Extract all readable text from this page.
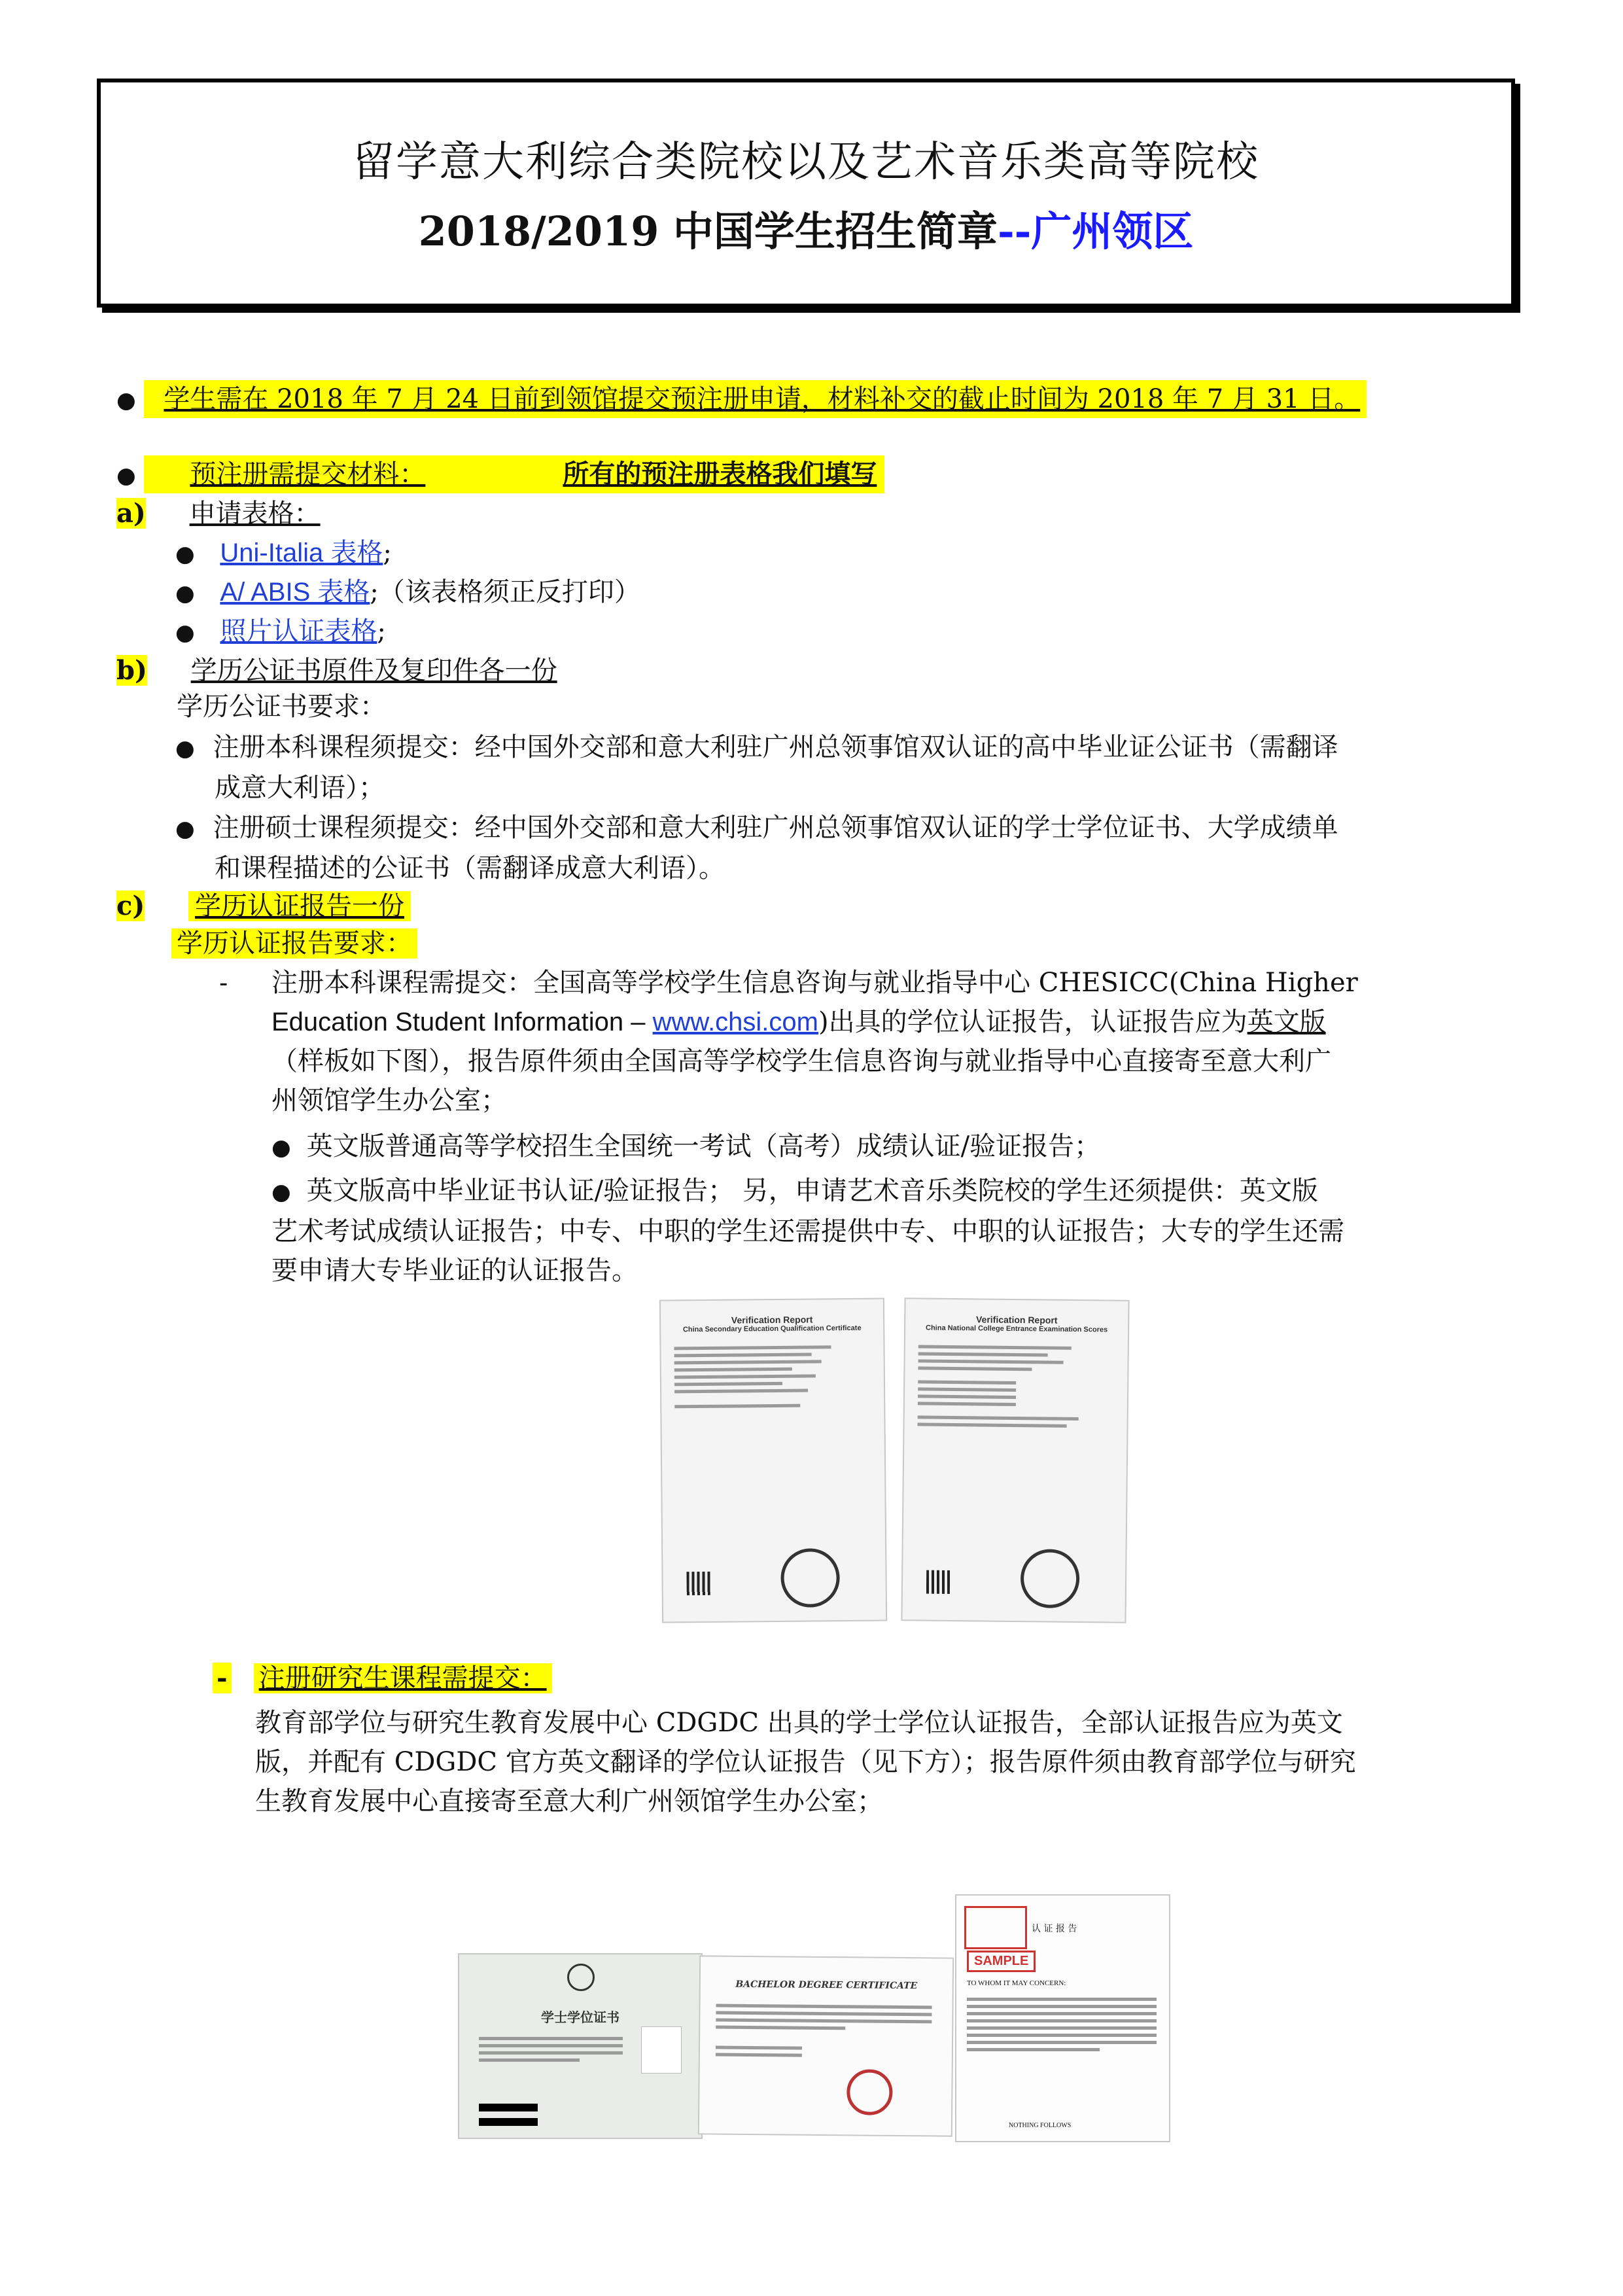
留学意大利综合类院校以及艺术音乐类高等院校
2018/2019 中国学生招生简章--广州领区
● 学生需在 2018 年 7 月 24 日前到领馆提交预注册申请，材料补交的截止时间为 2018 年 7 月 31 日。
● 预注册需提交材料：	所有的预注册表格我们填写
a) 申请表格：
● Uni-Italia 表格;
● A/ ABIS 表格;（该表格须正反打印）
● 照片认证表格;
b) 学历公证书原件及复印件各一份
学历公证书要求：
● 注册本科课程须提交：经中国外交部和意大利驻广州总领事馆双认证的高中毕业证公证书（需翻译
成意大利语）；
● 注册硕士课程须提交：经中国外交部和意大利驻广州总领事馆双认证的学士学位证书、大学成绩单
和课程描述的公证书（需翻译成意大利语）。
c) 学历认证报告一份
学历认证报告要求：
- 注册本科课程需提交：全国高等学校学生信息咨询与就业指导中心 CHESICC(China Higher
Education Student Information – www.chsi.com)出具的学位认证报告，认证报告应为英文版
（样板如下图），报告原件须由全国高等学校学生信息咨询与就业指导中心直接寄至意大利广
州领馆学生办公室；
● 英文版普通高等学校招生全国统一考试（高考）成绩认证/验证报告；
● 英文版高中毕业证书认证/验证报告； 另，申请艺术音乐类院校的学生还须提供：英文版
艺术考试成绩认证报告；中专、中职的学生还需提供中专、中职的认证报告；大专的学生还需
要申请大专毕业证的认证报告。
Verification Report
China Secondary Education Qualification Certificate
Verification Report
China National College Entrance Examination Scores
- 注册研究生课程需提交：
教育部学位与研究生教育发展中心 CDGDC 出具的学士学位认证报告，全部认证报告应为英文
版，并配有 CDGDC 官方英文翻译的学位认证报告（见下方）；报告原件须由教育部学位与研究
生教育发展中心直接寄至意大利广州领馆学生办公室；
学士学位证书
BACHELOR DEGREE CERTIFICATE
SAMPLE
认 证 报 告
TO WHOM IT MAY CONCERN:
NOTHING FOLLOWS
